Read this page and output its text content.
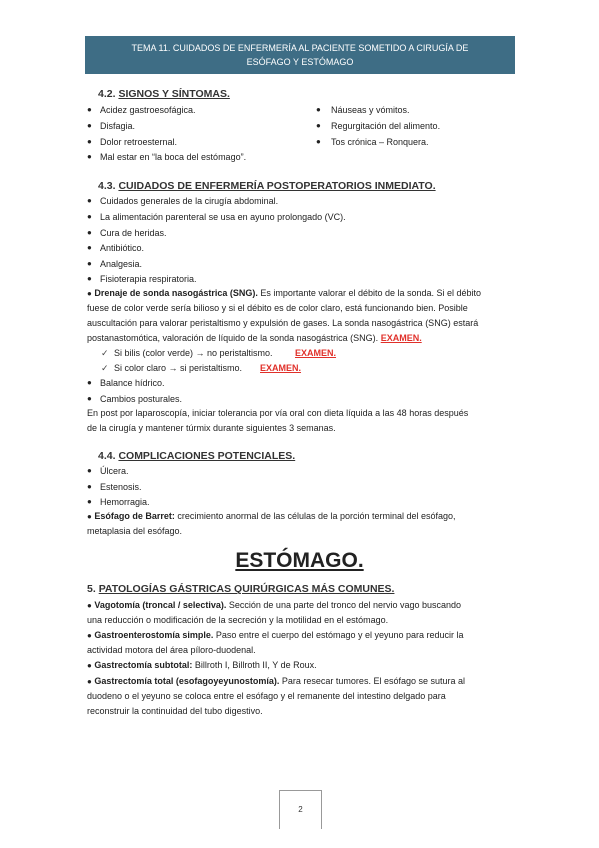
TEMA 11. CUIDADOS DE ENFERMERÍA AL PACIENTE SOMETIDO A CIRUGÍA DE
ESÓFAGO Y ESTÓMAGO
4.2. SIGNOS Y SÍNTOMAS.
● Acidez gastroesofágica.
● Disfagia.
● Dolor retroesternal.
● Mal estar en “la boca del estómago”.
● Náuseas y vómitos.
● Regurgitación del alimento.
● Tos crónica – Ronquera.
4.3. CUIDADOS DE ENFERMERÍA POSTOPERATORIOS INMEDIATO.
● Cuidados generales de la cirugía abdominal.
● La alimentación parenteral se usa en ayuno prolongado (VC).
● Cura de heridas.
● Antibiótico.
● Analgesia.
● Fisioterapia respiratoria.
● Drenaje de sonda nasogástrica (SNG). Es importante valorar el débito de la sonda. Si el débito
fuese de color verde sería bilioso y si el débito es de color claro, está funcionando bien. Posible
auscultación para valorar peristaltismo y expulsión de gases. La sonda nasogástrica (SNG) estará
postanastomótica, valoración de líquido de la sonda nasogástrica (SNG). EXAMEN.
✓ Si bilis (color verde) → no peristaltismo. EXAMEN.
✓ Si color claro → si peristaltismo. EXAMEN.
● Balance hídrico.
● Cambios posturales.
En post por laparoscopía, iniciar tolerancia por vía oral con dieta líquida a las 48 horas después
de la cirugía y mantener túrmix durante siguientes 3 semanas.
4.4. COMPLICACIONES POTENCIALES.
● Úlcera.
● Estenosis.
● Hemorragia.
● Esófago de Barret: crecimiento anormal de las células de la porción terminal del esófago,
metaplasia del esófago.
ESTÓMAGO.
5. PATOLOGÍAS GÁSTRICAS QUIRÚRGICAS MÁS COMUNES.
● Vagotomía (troncal / selectiva). Sección de una parte del tronco del nervio vago buscando
una reducción o modificación de la secreción y la motilidad en el estómago.
● Gastroenterostomía simple. Paso entre el cuerpo del estómago y el yeyuno para reducir la
actividad motora del área píloro-duodenal.
● Gastrectomía subtotal: Billroth I, Billroth II, Y de Roux.
● Gastrectomía total (esofagoyeyunostomía). Para resecar tumores. El esófago se sutura al
duodeno o el yeyuno se coloca entre el esófago y el remanente del intestino delgado para
reconstruir la continuidad del tubo digestivo.
2
